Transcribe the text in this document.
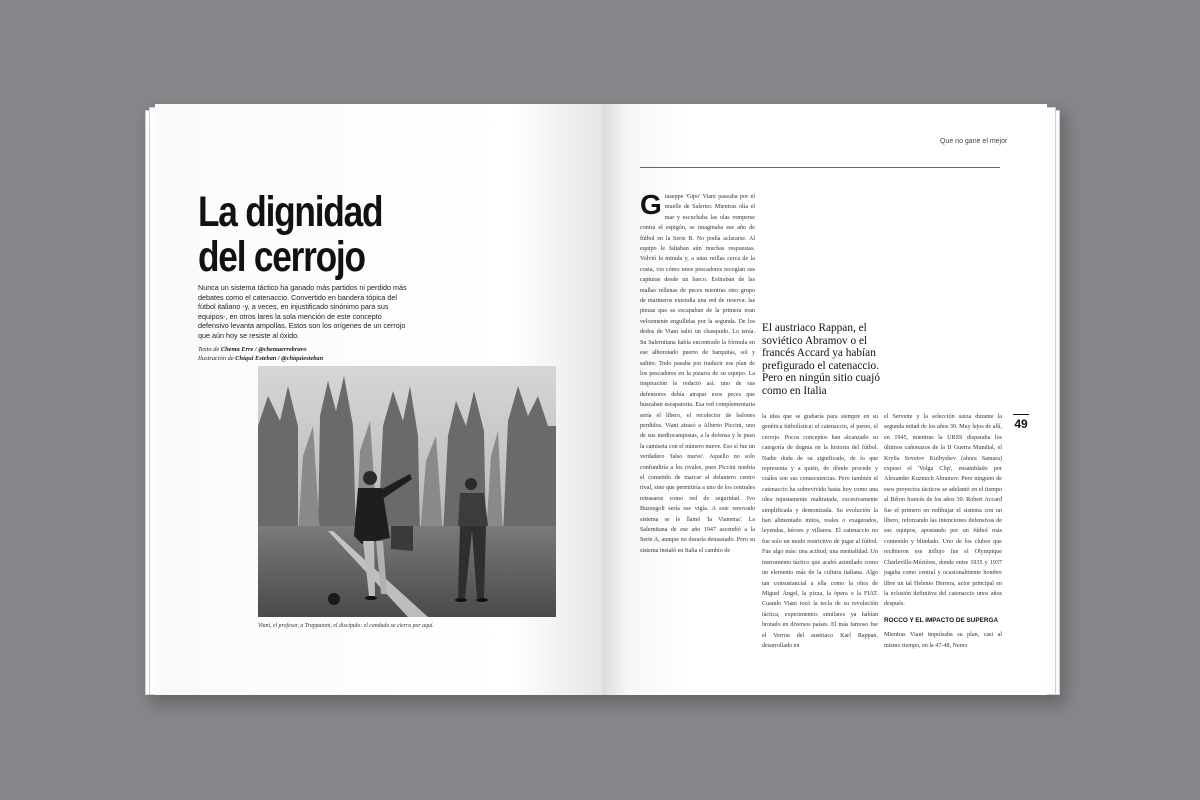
La dignidad
del cerrojo

Nunca un sistema táctico ha ganado más partidos ni perdido más debates como el catenaccio. Convertido en bandera tópica del fútbol italiano -y, a veces, en injustificado sinónimo para sus equipos-, en otros lares la sola mención de este concepto defensivo levanta ampollas. Estos son los orígenes de un cerrojo que aún hoy se resiste al óxido.

Texto de Chema Erre / @chemaerrebravo
Ilustración de Chiqui Esteban / @chiquiesteban
Viani, el profesor, a Trappatoni, el discípulo: el candado se cierra por aquí.
Que no gane el mejor
Giuseppe 'Gipo' Viani paseaba por el muelle de Salerno. Mientras olía el mar y escuchaba las olas romperse contra el espigón, se imaginaba ese año de fútbol en la Serie B. No podía aclararse. Al equipo le faltaban aún muchas respuestas. Volvió la mirada y, a unas millas cerca de la costa, vio cómo unos pescadores recogían sus capturas desde un barco. Estiraban de las mallas rellenas de peces mientras otro grupo de marineros extendía una red de reserva: las piezas que se escapaban de la primera eran velozmente engullidas por la segunda. De los dedos de Viani salió un chasquido. Lo tenía. Su Salernitana había encontrado la fórmula en ese alborotado puerto de barquitas, sol y salitre. Todo pasaba por traducir ese plan de los pescadores en la pizarra de su equipo. La inspiración le redactó así: uno de sus defensores debía atrapar esos peces que buscaban escapatoria. Esa red complementaria sería el líbero, el recolector de balones perdidos. Viani atrasó a Alberto Piccini, uno de sus mediocampistas, a la defensa y le puso la camiseta con el número nueve. Eso sí fue un verdadero 'falso nueve'. Aquello no solo confundiría a los rivales, pues Piccini tendría el cometido de marcar al delantero centro rival, sino que permitiría a uno de los centrales retrasarse como red de seguridad. Ivo Buzzegoli sería ese vigía. A este renovado sistema se le llamó 'la Vianema'. La Salernitana de ese año 1947 ascendió a la Serie A, aunque no duraría demasiado. Pero su sistema instaló en Italia el cambio de

El austriaco Rappan, el soviético Abramov o el francés Accard ya habían prefigurado el catenaccio. Pero en ningún sitio cuajó como en Italia

la idea que se grabaría para siempre en su genética futbolística: el catenaccio, el perno, el cerrojo. Pocos conceptos han alcanzado su categoría de dogma en la historia del fútbol. Nadie duda de su significado, de lo que representa y a quién, de dónde procede y cuáles son sus consecuencias. Pero también el catenaccio ha sobrevivido hasta hoy como una idea injustamente maltratada, excesivamente simplificada y demonizada. Su evolución la han alimentado mitos, reales o exagerados, leyendas, héroes y villanos. El catenaccio no fue solo un modo restrictivo de jugar al fútbol. Fue algo más: una actitud, una mentalidad. Un instrumento táctico que acabó asimilado como un elemento más de la cultura italiana. Algo tan consustancial a ella como la obra de Miguel Ángel, la pizza, la ópera o la FIAT. Cuando Viani tocó la tecla de su revolución táctica, experimentos similares ya habían brotado en diversos países. El más famoso fue el Verrou del austriaco Karl Rappan, desarrollado en
el Servette y la selección suiza durante la segunda mitad de los años 30. Muy lejos de allí, en 1945, mientras la URSS disparaba los últimos cañonazos de la II Guerra Mundial, el Krylia Sovetov Kuibyshev (ahora Samara) expuso el 'Volga Clip', ensamblado por Alexander Kuzmich Abramov. Pero ninguno de esos proyectos tácticos se adelantó en el tiempo al Béton francés de los años 30. Robert Accard fue el primero en redibujar el sistema con un líbero, reforzando las intenciones defensivas de sus equipos, apostando por un fútbol más contenido y blindado. Uno de los clubes que recibieron ese influjo fue el Olympique Charleville-Mézières, donde entre 1935 y 1937 jugaba como central y ocasionalmente hombre libre un tal Helenio Herrera, actor principal en la eclosión definitiva del catenaccio unos años después.
ROCCO Y EL IMPACTO DE SUPERGA
Mientras Viani impulsaba su plan, casi al mismo tiempo, en la 47-48, Nereo
49
